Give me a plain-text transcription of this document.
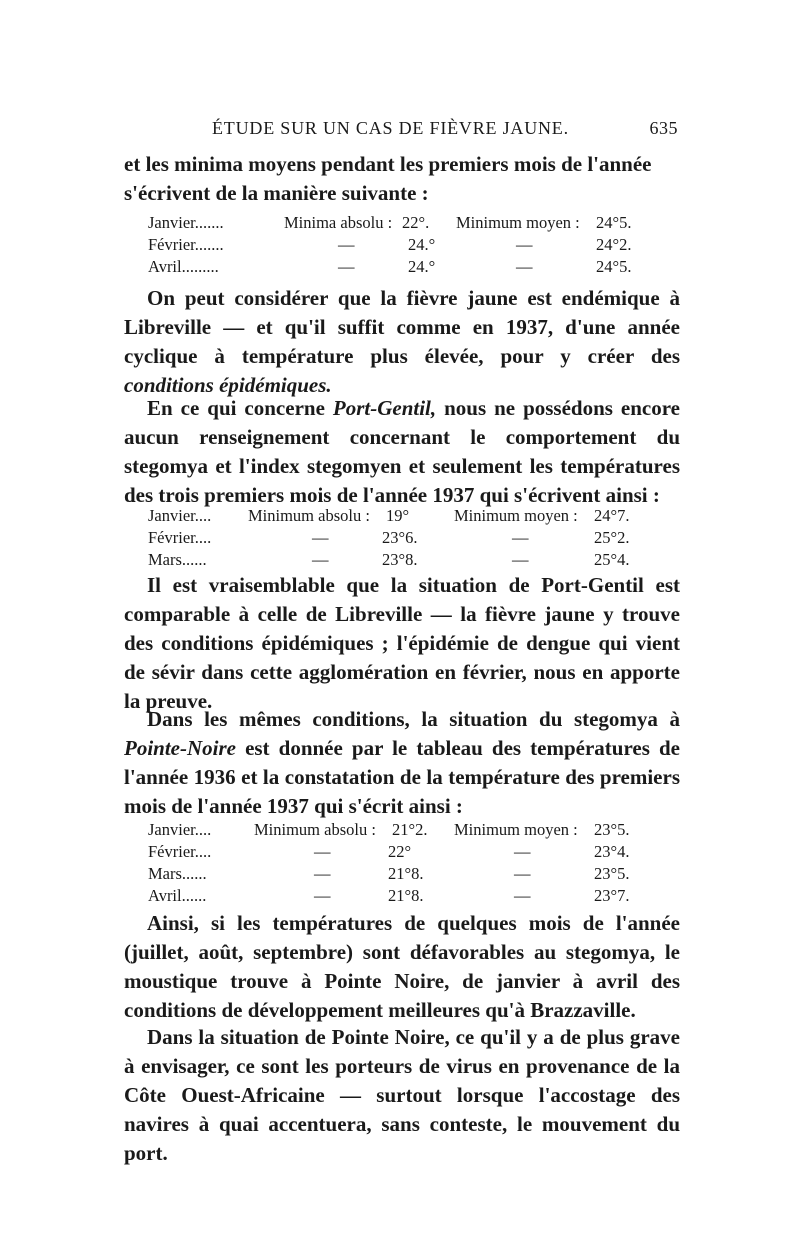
ÉTUDE SUR UN CAS DE FIÈVRE JAUNE.	635
et les minima moyens pendant les premiers mois de l'année
s'écrivent de la manière suivante :
Janvier.......	Minima absolu : 22°. Minimum moyen : 24°5.
Février.......	—	24.°	—	24°2.
Avril.........	—	24.°	—	24°5.

On peut considérer que la fièvre jaune est endémique à Libreville — et qu'il suffit comme en 1937, d'une année cyclique à température plus élevée, pour y créer des conditions épidémiques.

En ce qui concerne Port-Gentil, nous ne possédons encore aucun renseignement concernant le comportement du stegomya et l'index stegomyen et seulement les températures des trois premiers mois de l'année 1937 qui s'écrivent ainsi :

Janvier.... Minimum absolu : 19°	Minimum moyen : 24°7.
Février....	—	23°6.	—	25°2.
Mars......	—	23°8.	—	25°4.

Il est vraisemblable que la situation de Port-Gentil est comparable à celle de Libreville — la fièvre jaune y trouve des conditions épidémiques ; l'épidémie de dengue qui vient de sévir dans cette agglomération en février, nous en apporte la preuve.

Dans les mêmes conditions, la situation du stegomya à Pointe-Noire est donnée par le tableau des températures de l'année 1936 et la constatation de la température des premiers mois de l'année 1937 qui s'écrit ainsi :

Janvier....	Minimum absolu : 21°2. Minimum moyen : 23°5.
Février....	—	22°	—	23°4.
Mars......	—	21°8.	—	23°5.
Avril......	—	21°8.	—	23°7.

Ainsi, si les températures de quelques mois de l'année (juillet, août, septembre) sont défavorables au stegomya, le moustique trouve à Pointe Noire, de janvier à avril des conditions de développement meilleures qu'à Brazzaville.

Dans la situation de Pointe Noire, ce qu'il y a de plus grave à envisager, ce sont les porteurs de virus en provenance de la Côte Ouest-Africaine — surtout lorsque l'accostage des navires à quai accentuera, sans conteste, le mouvement du port.
